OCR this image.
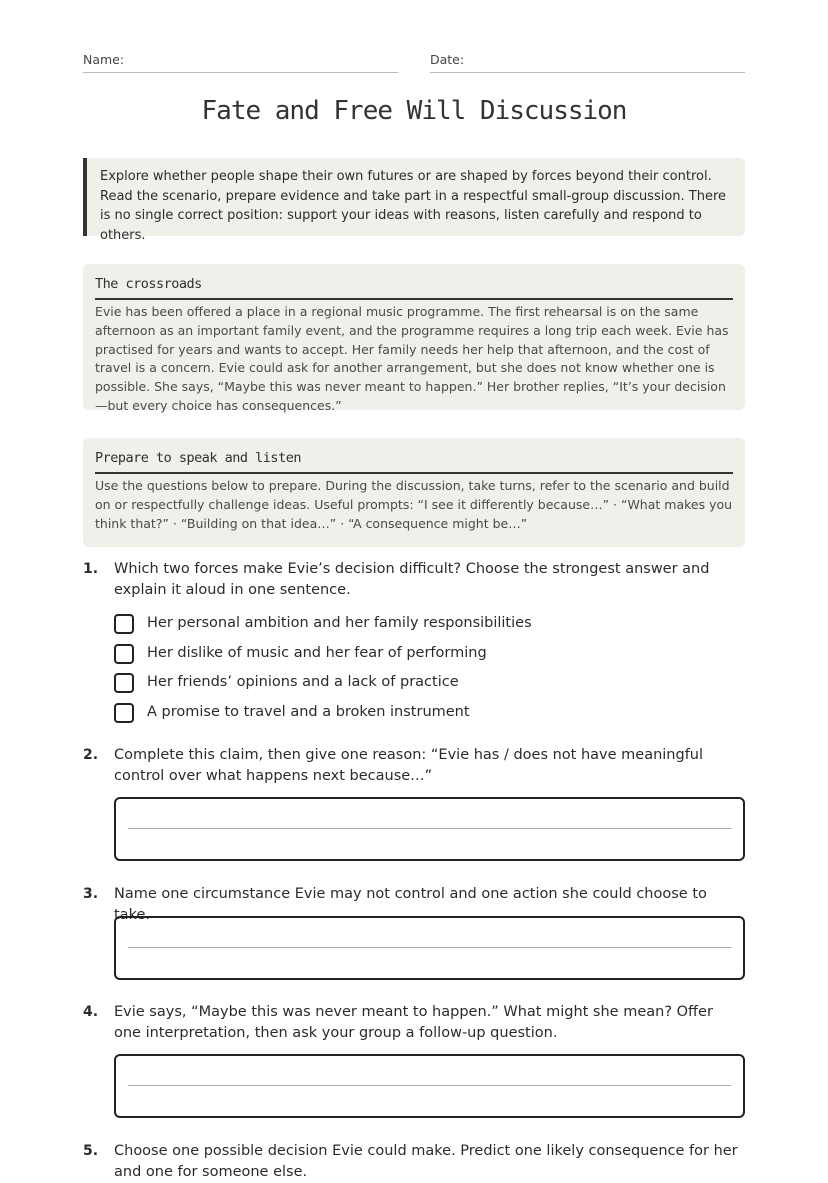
Name:	Date:
Fate and Free Will Discussion
Explore whether people shape their own futures or are shaped by forces beyond their control. Read the scenario, prepare evidence and take part in a respectful small-group discussion. There is no single correct position: support your ideas with reasons, listen carefully and respond to others.
The crossroads
Evie has been offered a place in a regional music programme. The first rehearsal is on the same afternoon as an important family event, and the programme requires a long trip each week. Evie has practised for years and wants to accept. Her family needs her help that afternoon, and the cost of travel is a concern. Evie could ask for another arrangement, but she does not know whether one is possible. She says, “Maybe this was never meant to happen.” Her brother replies, “It’s your decision—but every choice has consequences.”
Prepare to speak and listen
Use the questions below to prepare. During the discussion, take turns, refer to the scenario and build on or respectfully challenge ideas. Useful prompts: “I see it differently because…” · “What makes you think that?” · “Building on that idea…” · “A consequence might be…”
1. Which two forces make Evie’s decision difficult? Choose the strongest answer and explain it aloud in one sentence.
Her personal ambition and her family responsibilities
Her dislike of music and her fear of performing
Her friends’ opinions and a lack of practice
A promise to travel and a broken instrument
2. Complete this claim, then give one reason: “Evie has / does not have meaningful control over what happens next because…”
3. Name one circumstance Evie may not control and one action she could choose to take.
4. Evie says, “Maybe this was never meant to happen.” What might she mean? Offer one interpretation, then ask your group a follow-up question.
5. Choose one possible decision Evie could make. Predict one likely consequence for her and one for someone else.
